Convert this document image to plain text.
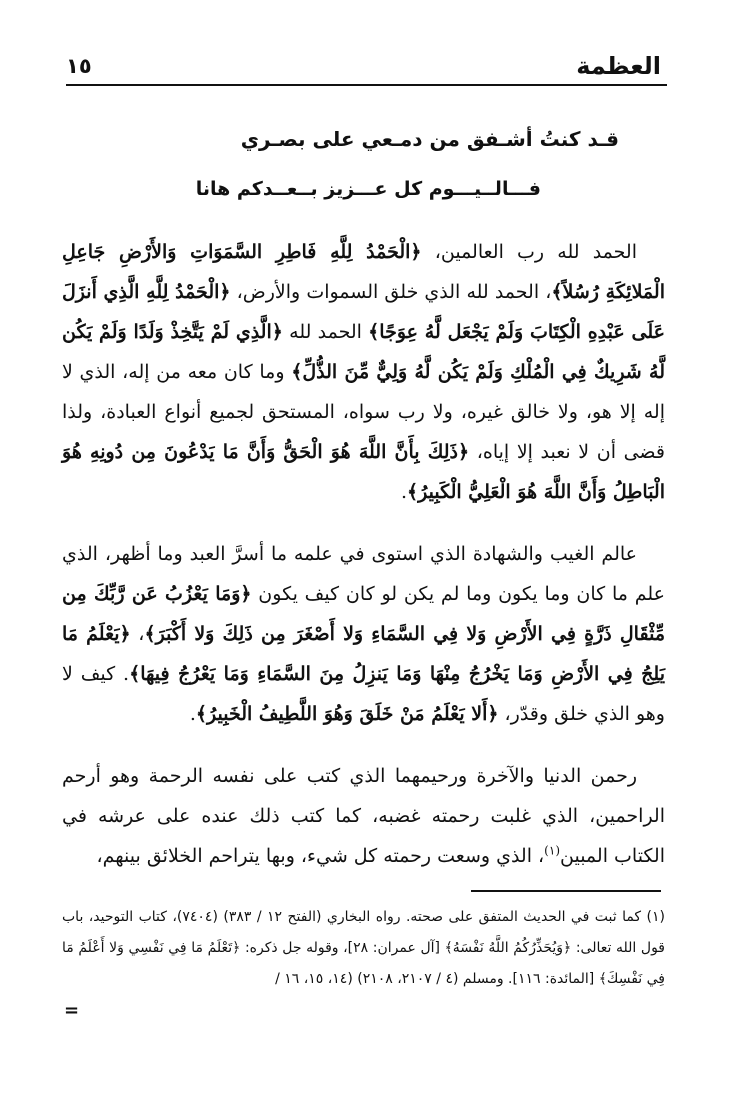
العظمة
١٥
قـد كنتُ أشـفق من دمـعي على بصـري
فـــالــيـــوم كل عـــزيز بــعــدكم هانا

الحمد لله رب العالمين، ﴿الْحَمْدُ لِلَّهِ فَاطِرِ السَّمَوَاتِ وَالأَرْضِ جَاعِلِ الْمَلائِكَةِ رُسُلاً﴾، الحمد لله الذي خلق السموات والأرض، ﴿الْحَمْدُ لِلَّهِ الَّذِي أَنزَلَ عَلَى عَبْدِهِ الْكِتَابَ وَلَمْ يَجْعَل لَّهُ عِوَجًا﴾ الحمد لله ﴿الَّذِي لَمْ يَتَّخِذْ وَلَدًا وَلَمْ يَكُن لَّهُ شَرِيكٌ فِي الْمُلْكِ وَلَمْ يَكُن لَّهُ وَلِيٌّ مِّنَ الذُّلِّ﴾ وما كان معه من إله، الذي لا إله إلا هو، ولا خالق غيره، ولا رب سواه، المستحق لجميع أنواع العبادة، ولذا قضى أن لا نعبد إلا إياه، ﴿ذَلِكَ بِأَنَّ اللَّهَ هُوَ الْحَقُّ وَأَنَّ مَا يَدْعُونَ مِن دُونِهِ هُوَ الْبَاطِلُ وَأَنَّ اللَّهَ هُوَ الْعَلِيُّ الْكَبِيرُ﴾.

عالم الغيب والشهادة الذي استوى في علمه ما أسرَّ العبد وما أظهر، الذي علم ما كان وما يكون وما لم يكن لو كان كيف يكون ﴿وَمَا يَعْزُبُ عَن رَّبِّكَ مِن مِّثْقَالِ ذَرَّةٍ فِي الأَرْضِ وَلا فِي السَّمَاءِ وَلا أَصْغَرَ مِن ذَلِكَ وَلا أَكْبَرَ﴾، ﴿يَعْلَمُ مَا يَلِجُ فِي الأَرْضِ وَمَا يَخْرُجُ مِنْهَا وَمَا يَنزِلُ مِنَ السَّمَاءِ وَمَا يَعْرُجُ فِيهَا﴾. كيف لا وهو الذي خلق وقدّر، ﴿أَلا يَعْلَمُ مَنْ خَلَقَ وَهُوَ اللَّطِيفُ الْخَبِيرُ﴾.

رحمن الدنيا والآخرة ورحيمهما الذي كتب على نفسه الرحمة وهو أرحم الراحمين، الذي غلبت رحمته غضبه، كما كتب ذلك عنده على عرشه في الكتاب المبين$^{(١)}$، الذي وسعت رحمته كل شيء، وبها يتراحم الخلائق بينهم،

(١) كما ثبت في الحديث المتفق على صحته. رواه البخاري (الفتح ١٢ / ٣٨٣) (٧٤٠٤)، كتاب التوحيد، باب قول الله تعالى: ﴿وَيُحَذِّرُكُمُ اللَّهُ نَفْسَهُ﴾ [آل عمران: ٢٨]، وقوله جل ذكره: ﴿تَعْلَمُ مَا فِي نَفْسِي وَلا أَعْلَمُ مَا فِي نَفْسِكَ﴾ [المائدة: ١١٦]. ومسلم (٤ / ٢١٠٧، ٢١٠٨) (١٤، ١٥، ١٦ /
=
